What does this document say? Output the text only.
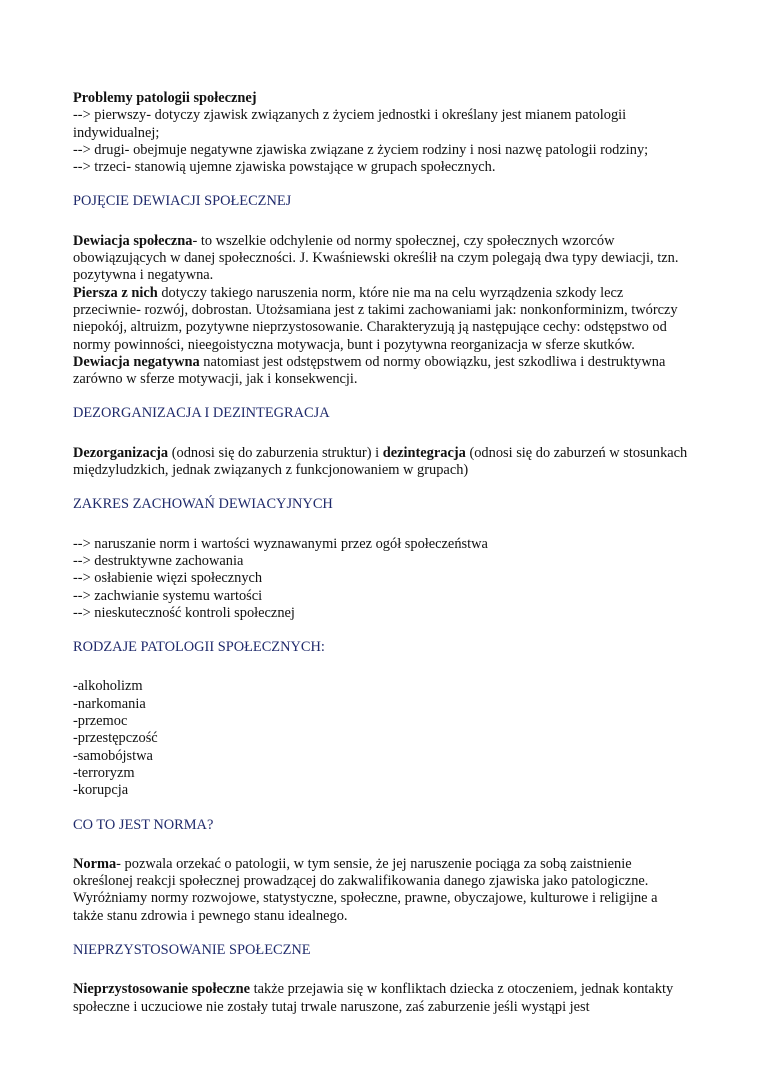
Problemy patologii społecznej

--> pierwszy- dotyczy zjawisk związanych z życiem jednostki i określany jest mianem patologii indywidualnej;

--> drugi- obejmuje negatywne zjawiska związane z życiem rodziny i nosi nazwę patologii rodziny;

--> trzeci- stanowią ujemne zjawiska powstające w grupach społecznych.

POJĘCIE DEWIACJI SPOŁECZNEJ

Dewiacja społeczna- to wszelkie odchylenie od normy społecznej, czy społecznych wzorców obowiązujących w danej społeczności. J. Kwaśniewski określił na czym polegają dwa typy dewiacji, tzn. pozytywna i negatywna.

Piersza z nich dotyczy takiego naruszenia norm, które nie ma na celu wyrządzenia szkody lecz przeciwnie- rozwój, dobrostan. Utożsamiana jest z takimi zachowaniami jak: nonkonforminizm, twórczy niepokój, altruizm, pozytywne nieprzystosowanie. Charakteryzują ją następujące cechy: odstępstwo od normy powinności, nieegoistyczna motywacja, bunt i pozytywna reorganizacja w sferze skutków.

Dewiacja negatywna natomiast jest odstępstwem od normy obowiązku, jest szkodliwa i destruktywna zarówno w sferze motywacji, jak i konsekwencji.

DEZORGANIZACJA I DEZINTEGRACJA

Dezorganizacja (odnosi się do zaburzenia struktur) i dezintegracja (odnosi się do zaburzeń w stosunkach międzyludzkich, jednak związanych z funkcjonowaniem w grupach)

ZAKRES ZACHOWAŃ DEWIACYJNYCH

--> naruszanie norm i wartości wyznawanymi przez ogół społeczeństwa
--> destruktywne zachowania
--> osłabienie więzi społecznych
--> zachwianie systemu wartości
--> nieskuteczność kontroli społecznej

RODZAJE PATOLOGII SPOŁECZNYCH:

-alkoholizm
-narkomania
-przemoc
-przestępczość
-samobójstwa
-terroryzm
-korupcja

CO TO JEST NORMA?

Norma- pozwala orzekać o patologii, w tym sensie, że jej naruszenie pociąga za sobą zaistnienie określonej reakcji społecznej prowadzącej do zakwalifikowania danego zjawiska jako patologiczne. Wyróżniamy normy rozwojowe, statystyczne, społeczne, prawne, obyczajowe, kulturowe i religijne a także stanu zdrowia i pewnego stanu idealnego.

NIEPRZYSTOSOWANIE SPOŁECZNE

Nieprzystosowanie społeczne także przejawia się w konfliktach dziecka z otoczeniem, jednak kontakty społeczne i uczuciowe nie zostały tutaj trwale naruszone, zaś zaburzenie jeśli wystąpi jest
